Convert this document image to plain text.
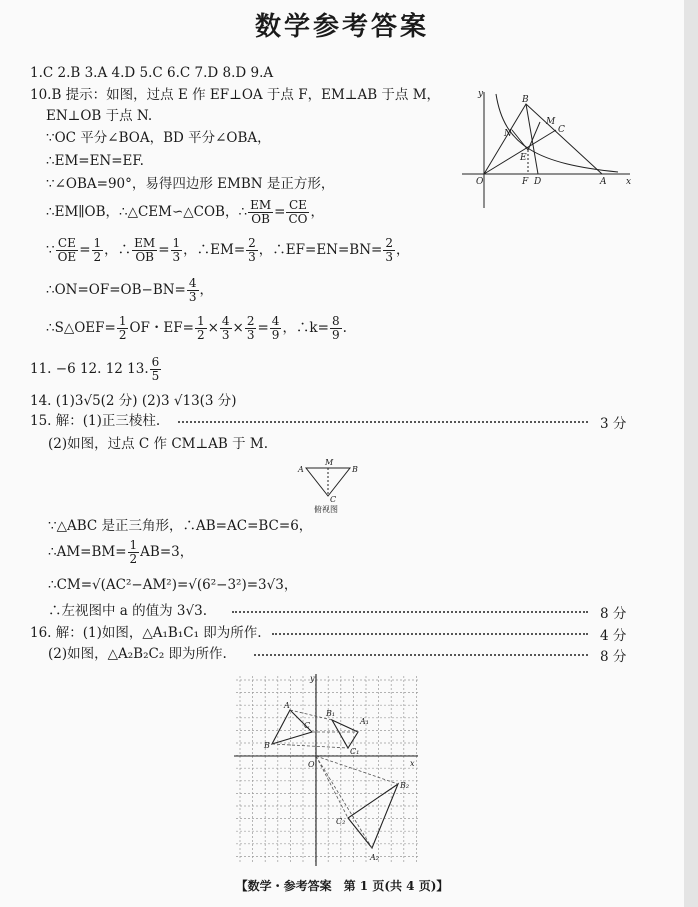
数学参考答案
1.C 2.B 3.A 4.D 5.C 6.C 7.D 8.D 9.A
10.B 提示：如图，过点 E 作 EF⊥OA 于点 F，EM⊥AB 于点 M，
EN⊥OB 于点 N.
∵OC 平分∠BOA，BD 平分∠OBA，
∴EM=EN=EF.
∵∠OBA=90°，易得四边形 EMBN 是正方形，
∴EM∥OB，∴△CEM∽△COB，∴ $\frac{EM}{OB} = \frac{CE}{CO}$ ，
∵ $\frac{CE}{OE} = \frac{1}{2}$ ，∴ $\frac{EM}{OB} = \frac{1}{3}$ ，∴EM= $\frac{2}{3}$ ，∴EF=EN=BN= $\frac{2}{3}$ ，
∴ON=OF=OB−BN= $\frac{4}{3}$ ，
∴S△OEF= $\frac{1}{2}$ OF・$EF= \frac{1}{2} \times \frac{4}{3} \times \frac{2}{3} = \frac{4}{9}$ ，∴k= $\frac{8}{9}$ .
y
x
O	F D	A
B
N
M
C
E
11. −6 12. 12 13. $\frac{6}{5}$
14. (1)3√5(2 分) (2)3 √13(3 分)
15. 解：(1)正三棱柱.	3 分
(2)如图，过点 C 作 CM⊥AB 于 M.
A
M
B
C
俯视图
∵△ABC 是正三角形，∴AB=AC=BC=6，
∴AM=BM= $\frac{1}{2} AB=3$，
∴CM=√(AC²−AM²)=√(6²−3²)=3√3，
∴左视图中 a 的值为 3√3.	8 分
16. 解：(1)如图，△A₁B₁C₁ 即为所作.	4 分
(2)如图，△A₂B₂C₂ 即为所作.	8 分
y
x
O
A
B
C	A₁
B₁
C₁
A₂
B₂
C₂
【数学・参考答案　第 1 页(共 4 页)】
